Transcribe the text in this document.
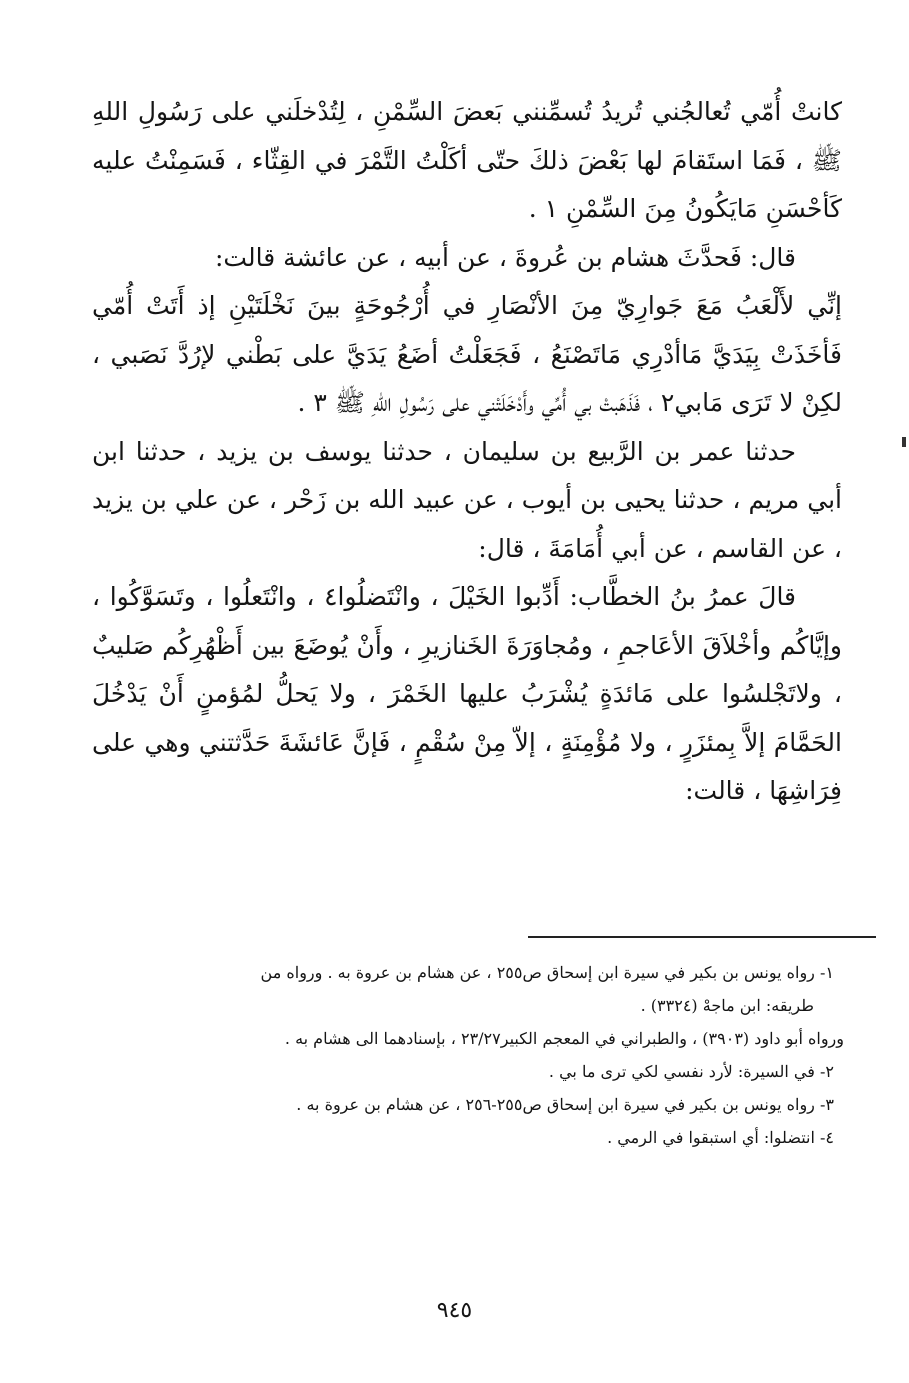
كانتْ أُمّي تُعالجُني تُريدُ تُسمِّنني بَعضَ السِّمْنِ ، لِتُدْخلَني على رَسُولِ اللهِ ﷺ ، فَمَا استَقامَ لها بَعْضَ ذلكَ حتّى أكَلْتُ التَّمْرَ في القِثّاء ، فَسَمِنْتُ عليه كَأحْسَنِ مَايَكُونُ مِنَ السِّمْنِ ١ .

قال: فَحدَّثَ هشام بن عُروةَ ، عن أبيه ، عن عائشة قالت:

إنِّي لأَلْعَبُ مَعَ جَوارِيّ مِنَ الأنْصَارِ في أُرْجُوحَةٍ بينَ نَخْلَتَيْنِ إذ أَتَتْ أُمّي فَأخَذَتْ بِيَدَيَّ مَاأدْرِي مَاتَصْنَعُ ، فَجَعَلْتُ أضَعُ يَدَيَّ على بَطْني لإرُدَّ نَصَبي ، لكِنْ لا تَرَى مَابي٢ ، فَذَهَبتْ بي أُمِّي وأَدْخَلَتْني على رَسُولِ اللهِ ﷺ ٣ .

حدثنا عمر بن الرَّبيع بن سليمان ، حدثنا يوسف بن يزيد ، حدثنا ابن أبي مريم ، حدثنا يحيى بن أيوب ، عن عبيد الله بن زَحْر ، عن علي بن يزيد ، عن القاسم ، عن أبي أُمَامَةَ ، قال:

قالَ عمرُ بنُ الخطَّاب: أَدِّبوا الخَيْلَ ، وانْتَضلُوا٤ ، وانْتَعلُوا ، وتَسَوَّكُوا ، وإيَّاكُم وأخْلاَقَ الأعَاجمِ ، ومُجاوَرَةَ الخَنازيرِ ، وأَنْ يُوضَعَ بين أَظْهُرِكُم صَليبٌ ، ولاتَجْلسُوا على مَائدَةٍ يُشْرَبُ عليها الخَمْرَ ، ولا يَحلُّ لمُؤمنٍ أَنْ يَدْخُلَ الحَمَّامَ إلاَّ بِمئزَرٍ ، ولا مُؤْمِنَةٍ ، إلاّ مِنْ سُقْمٍ ، فَإنَّ عَائشَةَ حَدَّثتني وهي على فِرَاشِهَا ، قالت:

١- رواه يونس بن بكير في سيرة ابن إسحاق ص٢٥٥ ، عن هشام بن عروة به . ورواه من

طريقه: ابن ماجهْ (٣٣٢٤) .

ورواه أبو داود (٣٩٠٣) ، والطبراني في المعجم الكبير٢٣/٢٧ ، بإسنادهما الى هشام به .

٢- في السيرة: لأرد نفسي لكي ترى ما بي .

٣- رواه يونس بن بكير في سيرة ابن إسحاق ص٢٥٥-٢٥٦ ، عن هشام بن عروة به .

٤- انتضلوا: أي استبقوا في الرمي .

٩٤٥
